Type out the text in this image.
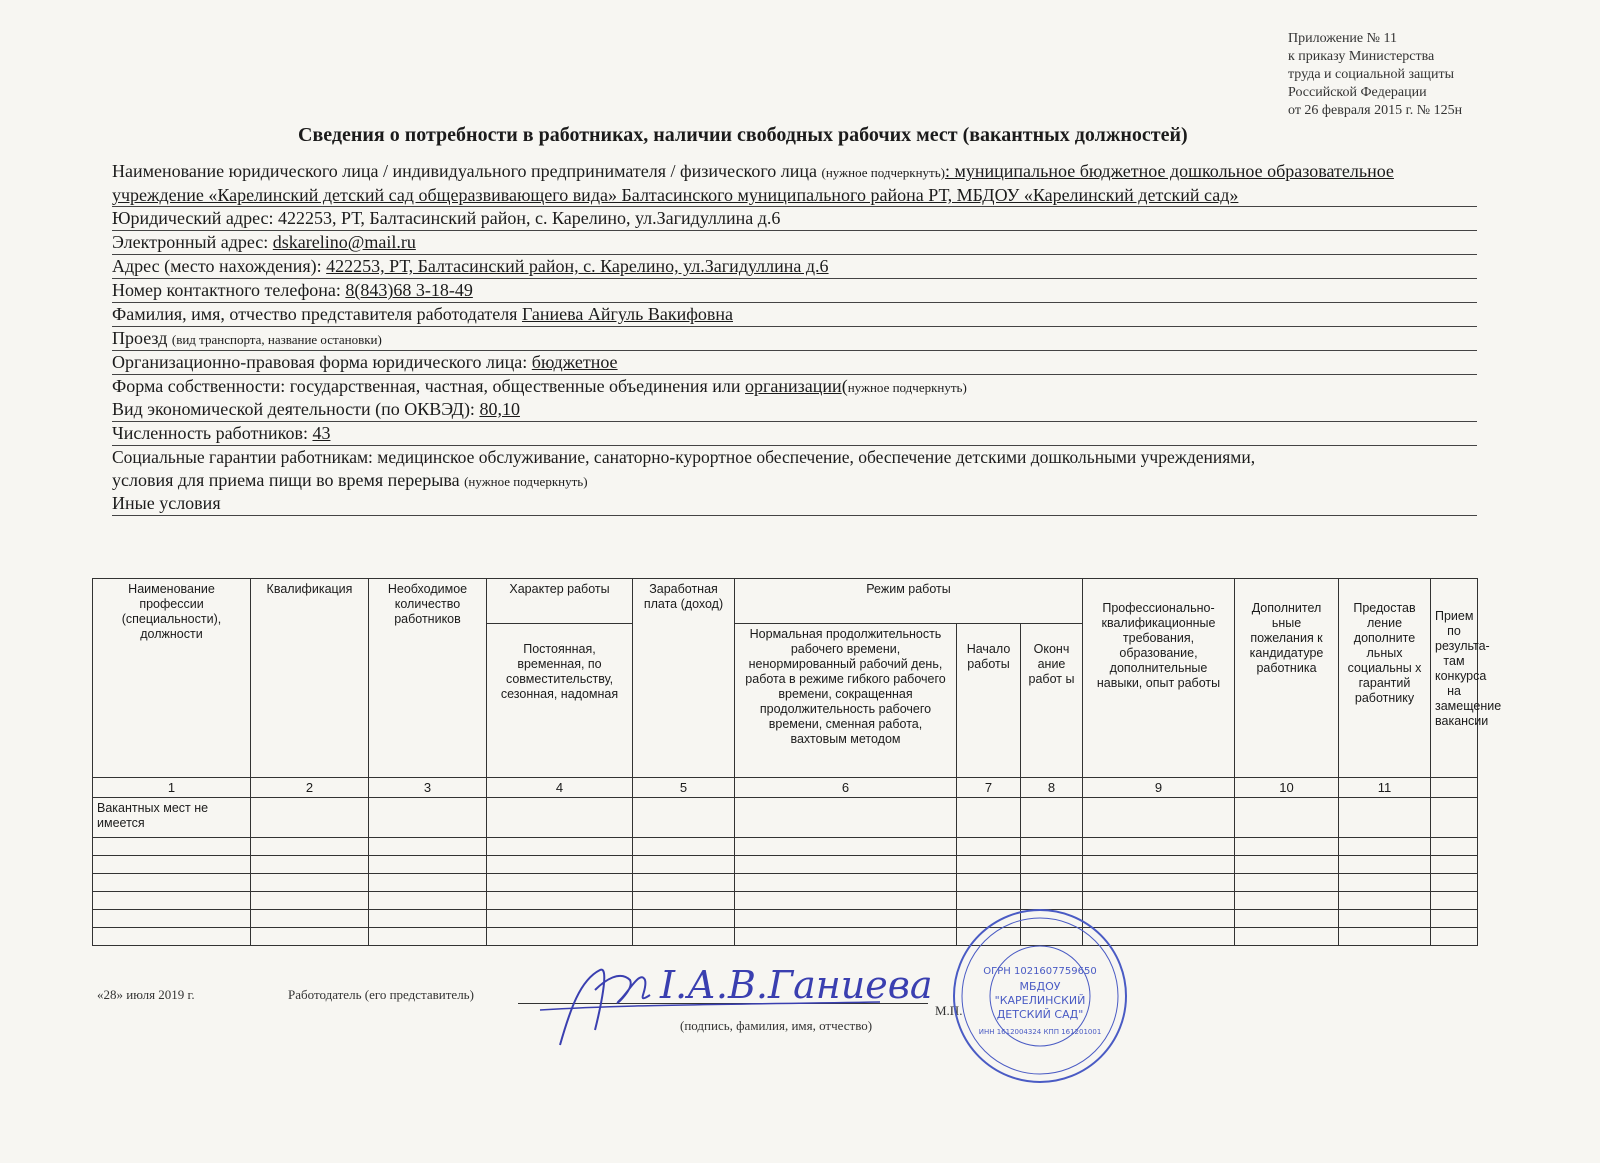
Приложение № 11
к приказу Министерства
труда и социальной защиты
Российской Федерации
от 26 февраля 2015 г. № 125н
Сведения о потребности в работниках, наличии свободных рабочих мест (вакантных должностей)
Наименование юридического лица / индивидуального предпринимателя / физического лица (нужное подчеркнуть): муниципальное бюджетное дошкольное образовательное учреждение «Карелинский детский сад общеразвивающего вида» Балтасинского муниципального района РТ, МБДОУ «Карелинский детский сад»
Юридический адрес: 422253, РТ, Балтасинский район, с. Карелино, ул.Загидуллина д.6
Электронный адрес: dskarelino@mail.ru
Адрес (место нахождения): 422253, РТ, Балтасинский район, с. Карелино, ул.Загидуллина д.6
Номер контактного телефона: 8(843)68 3-18-49
Фамилия, имя, отчество представителя работодателя Ганиева Айгуль Вакифовна
Проезд (вид транспорта, название остановки)
Организационно-правовая форма юридического лица: бюджетное
Форма собственности: государственная, частная, общественные объединения или организации(нужное подчеркнуть)
Вид экономической деятельности (по ОКВЭД): 80,10
Численность работников: 43
Социальные гарантии работникам: медицинское обслуживание, санаторно-курортное обеспечение, обеспечение детскими дошкольными учреждениями,
условия для приема пищи во время перерыва (нужное подчеркнуть)
Иные условия
Наименование профессии (специальности), должности	Квалификация	Необходимое количество работников	Характер работы	Заработная плата (доход)	Режим работы			Профессионально-квалификационные требования, образование, дополнительные навыки, опыт работы	Дополнител ьные пожелания к кандидатуре работника	Предостав ление дополните льных социальны х гарантий работнику	Прием по результа-там конкурса на замещение вакансии
			Постоянная, временная, по совместительству, сезонная, надомная		Нормальная продолжительность рабочего времени, ненормированный рабочий день, работа в режиме гибкого рабочего времени, сокращенная продолжительность рабочего времени, сменная работа, вахтовым методом	Начало работы	Оконч ание работ ы				
1	2	3	4	5	6	7	8	9	10	11	
Вакантных мест не имеется											

«28» июля 2019 г.	Работодатель (его представитель)
(подпись, фамилия, имя, отчество)
М.П.
І.А.В.Ганиева	ОГРН 1021607759650
МБДОУ
"КАРЕЛИНСКИЙ
ДЕТСКИЙ САД"
ИНН 1612004324 КПП 161201001
